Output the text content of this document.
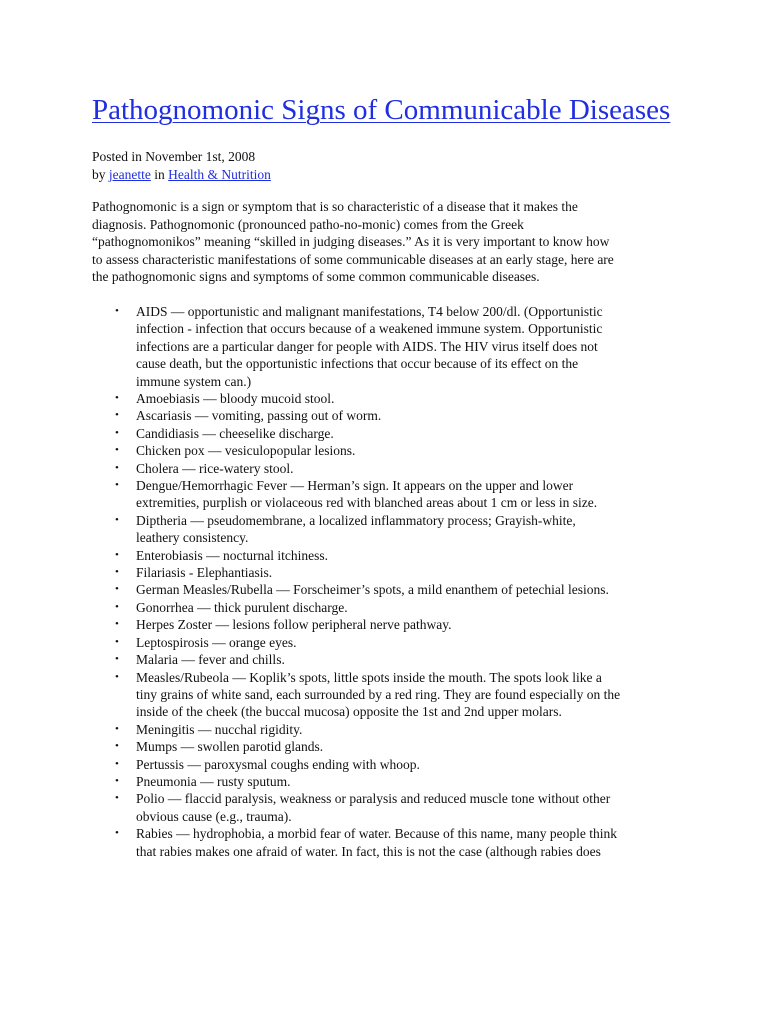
Pathognomonic Signs of Communicable Diseases
Posted in November 1st, 2008
by jeanette in Health & Nutrition

Pathognomonic is a sign or symptom that is so characteristic of a disease that it makes the
diagnosis. Pathognomonic (pronounced patho-no-monic) comes from the Greek
“pathognomonikos” meaning “skilled in judging diseases.” As it is very important to know how
to assess characteristic manifestations of some communicable diseases at an early stage, here are
the pathognomonic signs and symptoms of some common communicable diseases.

• AIDS — opportunistic and malignant manifestations, T4 below 200/dl. (Opportunistic
infection - infection that occurs because of a weakened immune system. Opportunistic
infections are a particular danger for people with AIDS. The HIV virus itself does not
cause death, but the opportunistic infections that occur because of its effect on the
immune system can.)
• Amoebiasis — bloody mucoid stool.
• Ascariasis — vomiting, passing out of worm.
• Candidiasis — cheeselike discharge.
• Chicken pox — vesiculopopular lesions.
• Cholera — rice-watery stool.
• Dengue/Hemorrhagic Fever — Herman’s sign. It appears on the upper and lower
extremities, purplish or violaceous red with blanched areas about 1 cm or less in size.
• Diptheria — pseudomembrane, a localized inflammatory process; Grayish-white,
leathery consistency.
• Enterobiasis — nocturnal itchiness.
• Filariasis - Elephantiasis.
• German Measles/Rubella — Forscheimer’s spots, a mild enanthem of petechial lesions.
• Gonorrhea — thick purulent discharge.
• Herpes Zoster — lesions follow peripheral nerve pathway.
• Leptospirosis — orange eyes.
• Malaria — fever and chills.
• Measles/Rubeola — Koplik’s spots, little spots inside the mouth. The spots look like a
tiny grains of white sand, each surrounded by a red ring. They are found especially on the
inside of the cheek (the buccal mucosa) opposite the 1st and 2nd upper molars.
• Meningitis — nucchal rigidity.
• Mumps — swollen parotid glands.
• Pertussis — paroxysmal coughs ending with whoop.
• Pneumonia — rusty sputum.
• Polio — flaccid paralysis, weakness or paralysis and reduced muscle tone without other
obvious cause (e.g., trauma).
• Rabies — hydrophobia, a morbid fear of water. Because of this name, many people think
that rabies makes one afraid of water. In fact, this is not the case (although rabies does
